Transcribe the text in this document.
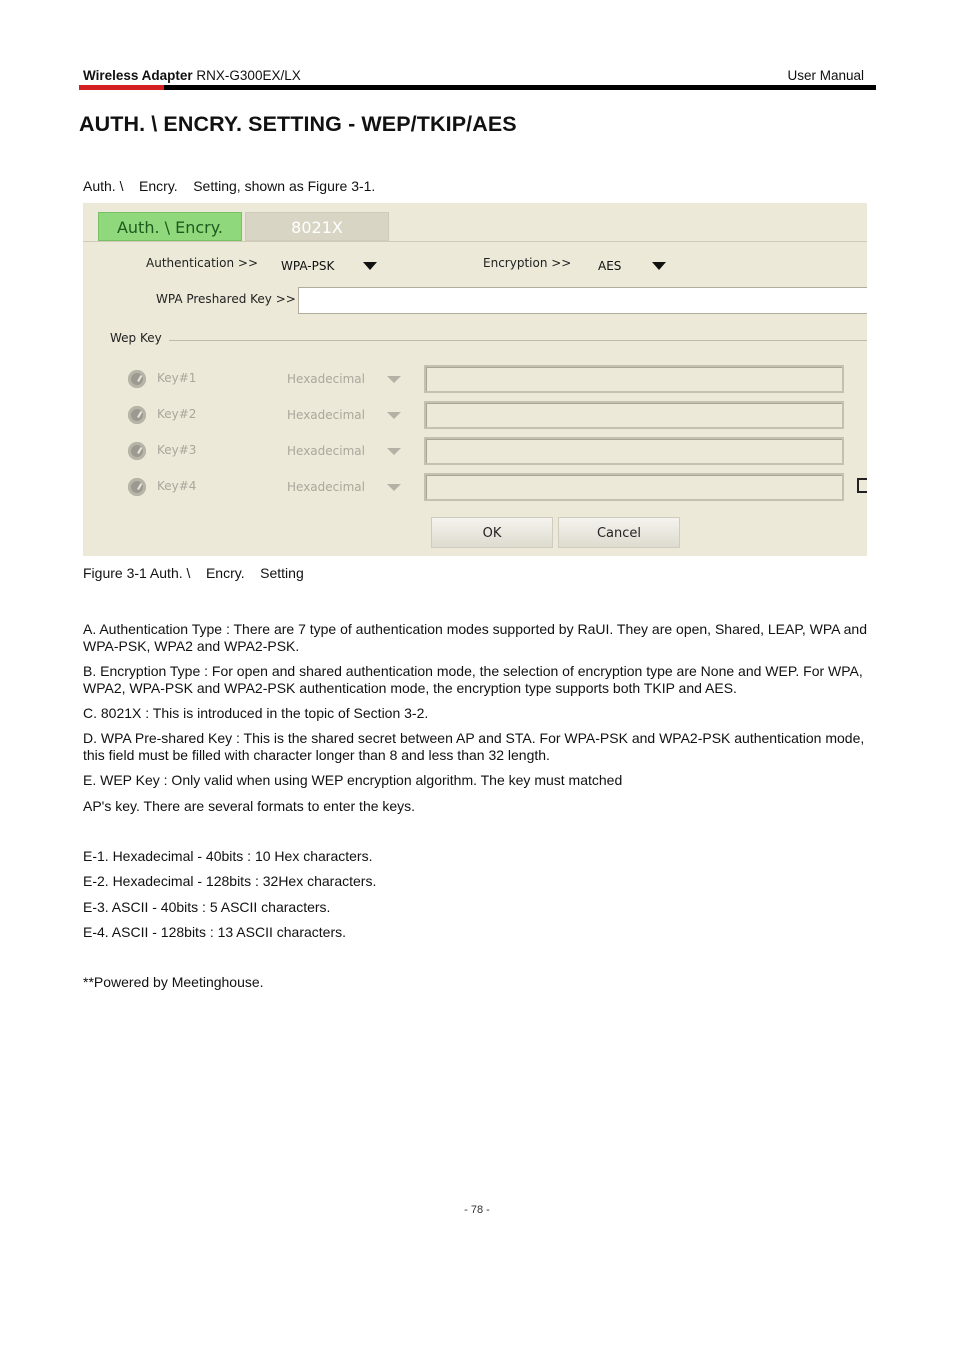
Wireless Adapter RNX-G300EX/LX	User Manual
AUTH. \ ENCRY. SETTING - WEP/TKIP/AES
Auth. \    Encry.    Setting, shown as Figure 3-1.
Auth. \ Encry.	8021X
Authentication >> WPA-PSK	Encryption >> AES
WPA Preshared Key >>
Wep Key
Key#1	Hexadecimal
Key#2	Hexadecimal
Key#3	Hexadecimal
Key#4	Hexadecimal
OK	Cancel
Figure 3-1 Auth. \    Encry.    Setting
A. Authentication Type : There are 7 type of authentication modes supported by RaUI. They are open, Shared, LEAP, WPA and WPA-PSK, WPA2 and WPA2-PSK.
B. Encryption Type : For open and shared authentication mode, the selection of encryption type are None and WEP. For WPA, WPA2, WPA-PSK and WPA2-PSK authentication mode, the encryption type supports both TKIP and AES.
C. 8021X : This is introduced in the topic of Section 3-2.
D. WPA Pre-shared Key : This is the shared secret between AP and STA. For WPA-PSK and WPA2-PSK authentication mode, this field must be filled with character longer than 8 and less than 32 length.
E. WEP Key : Only valid when using WEP encryption algorithm. The key must matched
AP's key. There are several formats to enter the keys.
E-1. Hexadecimal - 40bits : 10 Hex characters.
E-2. Hexadecimal - 128bits : 32Hex characters.
E-3. ASCII - 40bits : 5 ASCII characters.
E-4. ASCII - 128bits : 13 ASCII characters.
**Powered by Meetinghouse.
- 78 -
